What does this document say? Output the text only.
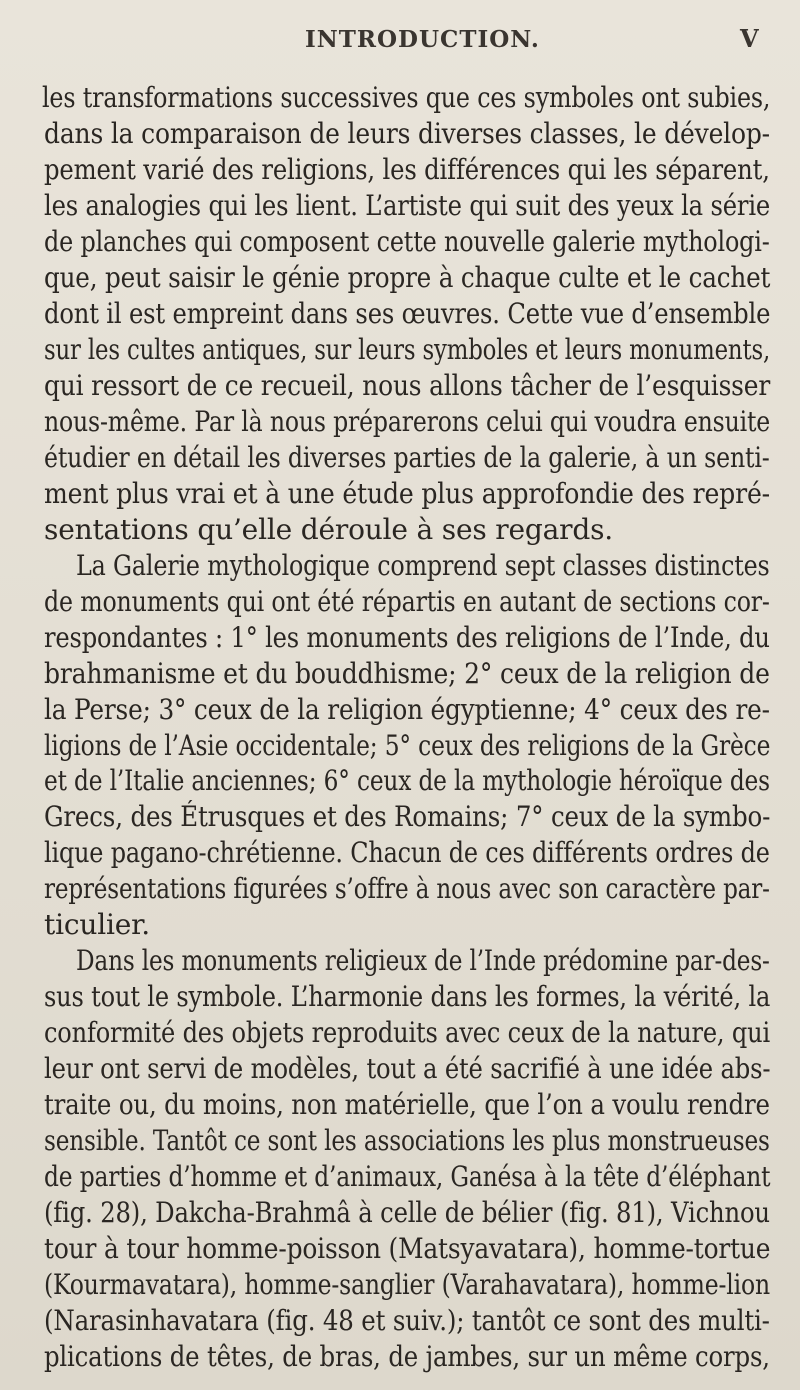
INTRODUCTION.	V
les transformations successives que ces symboles ont subies,
dans la comparaison de leurs diverses classes, le dévelop-
pement varié des religions, les différences qui les séparent,
les analogies qui les lient. L’artiste qui suit des yeux la série
de planches qui composent cette nouvelle galerie mythologi-
que, peut saisir le génie propre à chaque culte et le cachet
dont il est empreint dans ses œuvres. Cette vue d’ensemble
sur les cultes antiques, sur leurs symboles et leurs monuments,
qui ressort de ce recueil, nous allons tâcher de l’esquisser
nous-même. Par là nous préparerons celui qui voudra ensuite
étudier en détail les diverses parties de la galerie, à un senti-
ment plus vrai et à une étude plus approfondie des repré-
sentations qu’elle déroule à ses regards.
La Galerie mythologique comprend sept classes distinctes
de monuments qui ont été répartis en autant de sections cor-
respondantes : 1° les monuments des religions de l’Inde, du
brahmanisme et du bouddhisme; 2° ceux de la religion de
la Perse; 3° ceux de la religion égyptienne; 4° ceux des re-
ligions de l’Asie occidentale; 5° ceux des religions de la Grèce
et de l’Italie anciennes; 6° ceux de la mythologie héroïque des
Grecs, des Étrusques et des Romains; 7° ceux de la symbo-
lique pagano-chrétienne. Chacun de ces différents ordres de
représentations figurées s’offre à nous avec son caractère par-
ticulier.
Dans les monuments religieux de l’Inde prédomine par-des-
sus tout le symbole. L’harmonie dans les formes, la vérité, la
conformité des objets reproduits avec ceux de la nature, qui
leur ont servi de modèles, tout a été sacrifié à une idée abs-
traite ou, du moins, non matérielle, que l’on a voulu rendre
sensible. Tantôt ce sont les associations les plus monstrueuses
de parties d’homme et d’animaux, Ganésa à la tête d’éléphant
(fig. 28), Dakcha-Brahmâ à celle de bélier (fig. 81), Vichnou
tour à tour homme-poisson (Matsyavatara), homme-tortue
(Kourmavatara), homme-sanglier (Varahavatara), homme-lion
(Narasinhavatara (fig. 48 et suiv.); tantôt ce sont des multi-
plications de têtes, de bras, de jambes, sur un même corps,
